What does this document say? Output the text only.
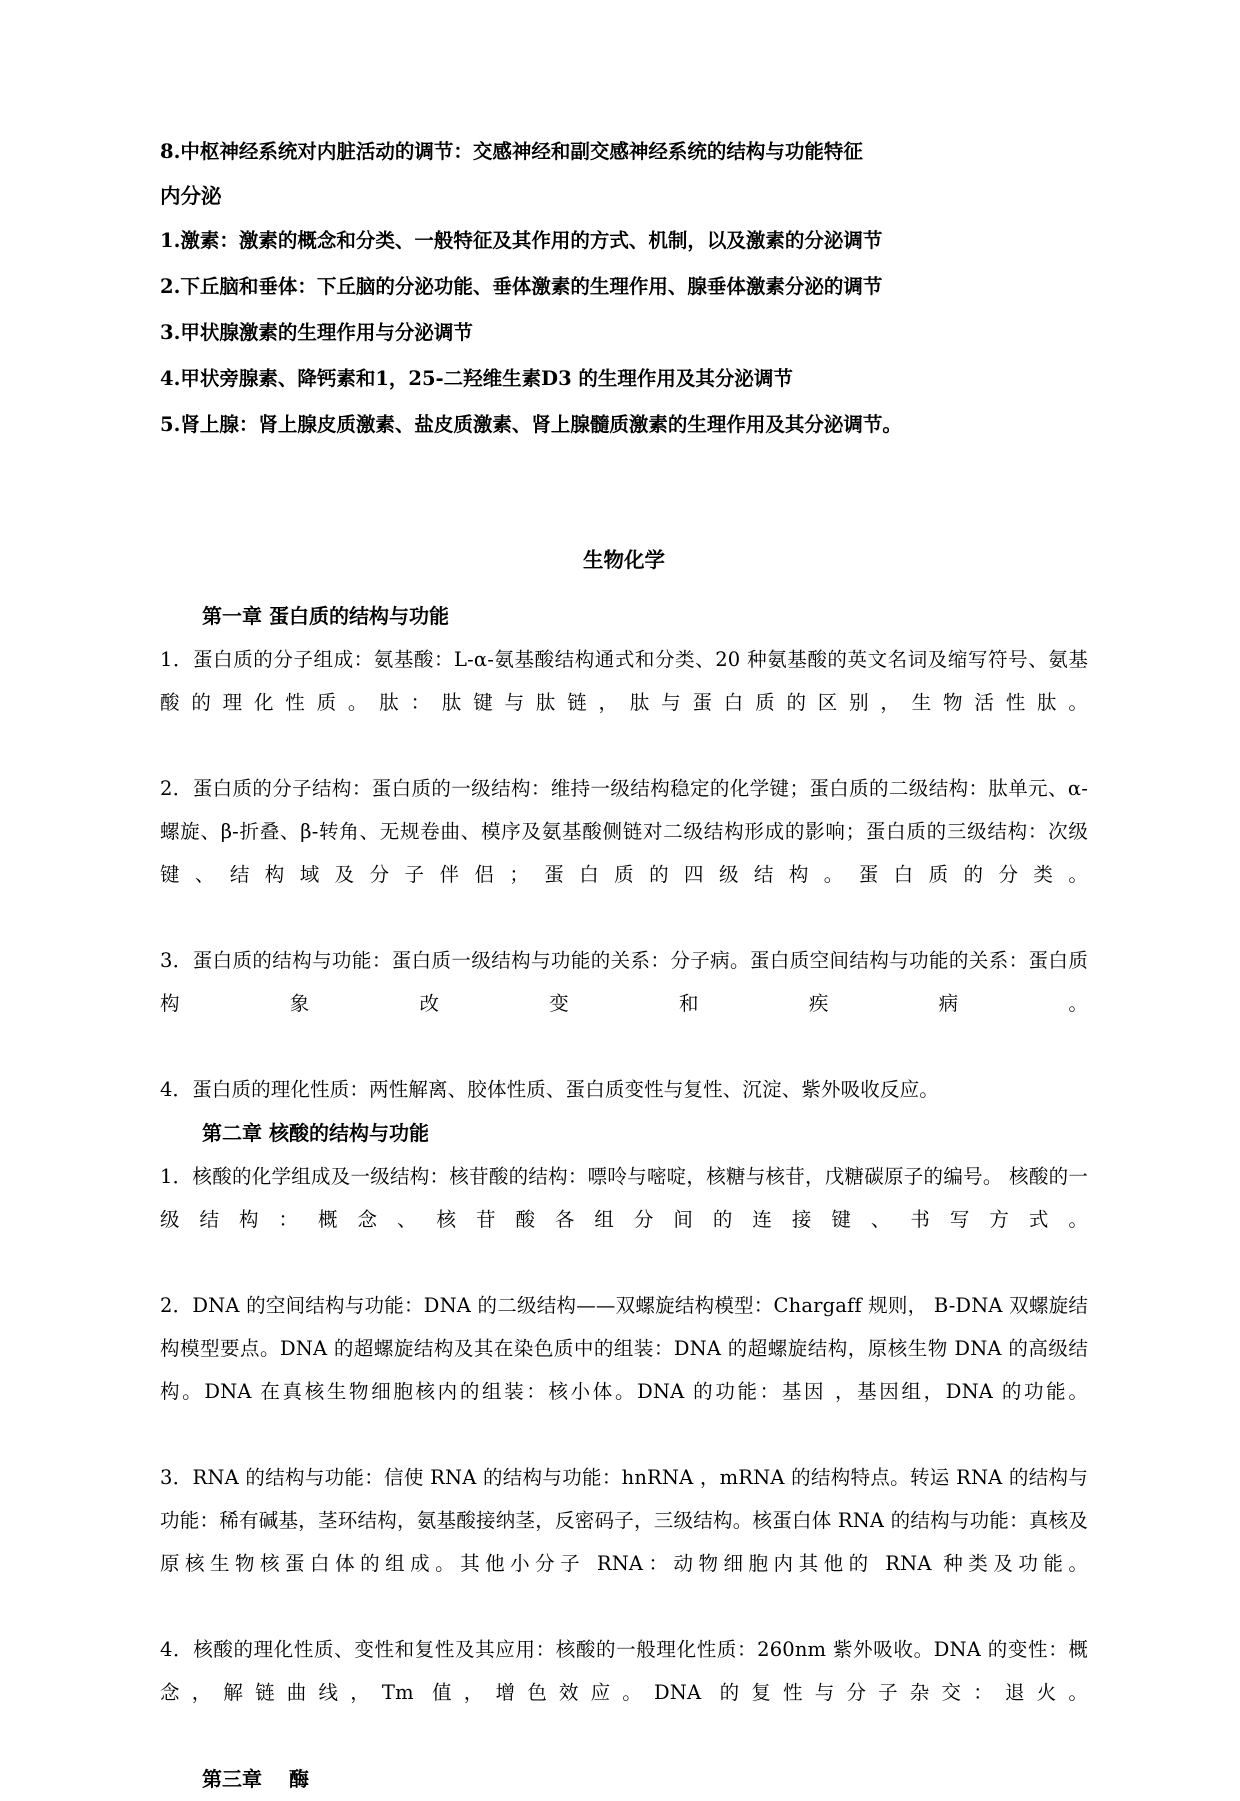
8.中枢神经系统对内脏活动的调节：交感神经和副交感神经系统的结构与功能特征

内分泌

1.激素：激素的概念和分类、一般特征及其作用的方式、机制，以及激素的分泌调节

2.下丘脑和垂体：下丘脑的分泌功能、垂体激素的生理作用、腺垂体激素分泌的调节

3.甲状腺激素的生理作用与分泌调节

4.甲状旁腺素、降钙素和1，25-二羟维生素D3 的生理作用及其分泌调节

5.肾上腺：肾上腺皮质激素、盐皮质激素、肾上腺髓质激素的生理作用及其分泌调节。

生物化学

第一章 蛋白质的结构与功能

1．蛋白质的分子组成：氨基酸：L-α-氨基酸结构通式和分类、20 种氨基酸的英文名词及缩写符号、氨基酸的理化性质。肽：肽键与肽链，肽与蛋白质的区别，生物活性肽。

2．蛋白质的分子结构：蛋白质的一级结构：维持一级结构稳定的化学键；蛋白质的二级结构：肽单元、α-螺旋、β-折叠、β-转角、无规卷曲、模序及氨基酸侧链对二级结构形成的影响；蛋白质的三级结构：次级键、结构域及分子伴侣；蛋白质的四级结构。蛋白质的分类。

3．蛋白质的结构与功能：蛋白质一级结构与功能的关系：分子病。蛋白质空间结构与功能的关系：蛋白质构象改变和疾病。

4．蛋白质的理化性质：两性解离、胶体性质、蛋白质变性与复性、沉淀、紫外吸收反应。

第二章 核酸的结构与功能

1．核酸的化学组成及一级结构：核苷酸的结构：嘌呤与嘧啶，核糖与核苷，戊糖碳原子的编号。 核酸的一级结构：概念、核苷酸各组分间的连接键、书写方式。

2．DNA 的空间结构与功能：DNA 的二级结构——双螺旋结构模型：Chargaff 规则， B-DNA 双螺旋结构模型要点。DNA 的超螺旋结构及其在染色质中的组装：DNA 的超螺旋结构，原核生物 DNA 的高级结构。DNA 在真核生物细胞核内的组装：核小体。DNA 的功能：基因 ，基因组，DNA 的功能。

3．RNA 的结构与功能：信使 RNA 的结构与功能：hnRNA ，mRNA 的结构特点。转运 RNA 的结构与功能：稀有碱基，茎环结构，氨基酸接纳茎，反密码子，三级结构。核蛋白体 RNA 的结构与功能：真核及原核生物核蛋白体的组成。其他小分子 RNA：动物细胞内其他的 RNA 种类及功能。

4．核酸的理化性质、变性和复性及其应用：核酸的一般理化性质：260nm 紫外吸收。DNA 的变性：概念，解链曲线，Tm 值，增色效应。DNA 的复性与分子杂交：退火。

第三章　 酶
